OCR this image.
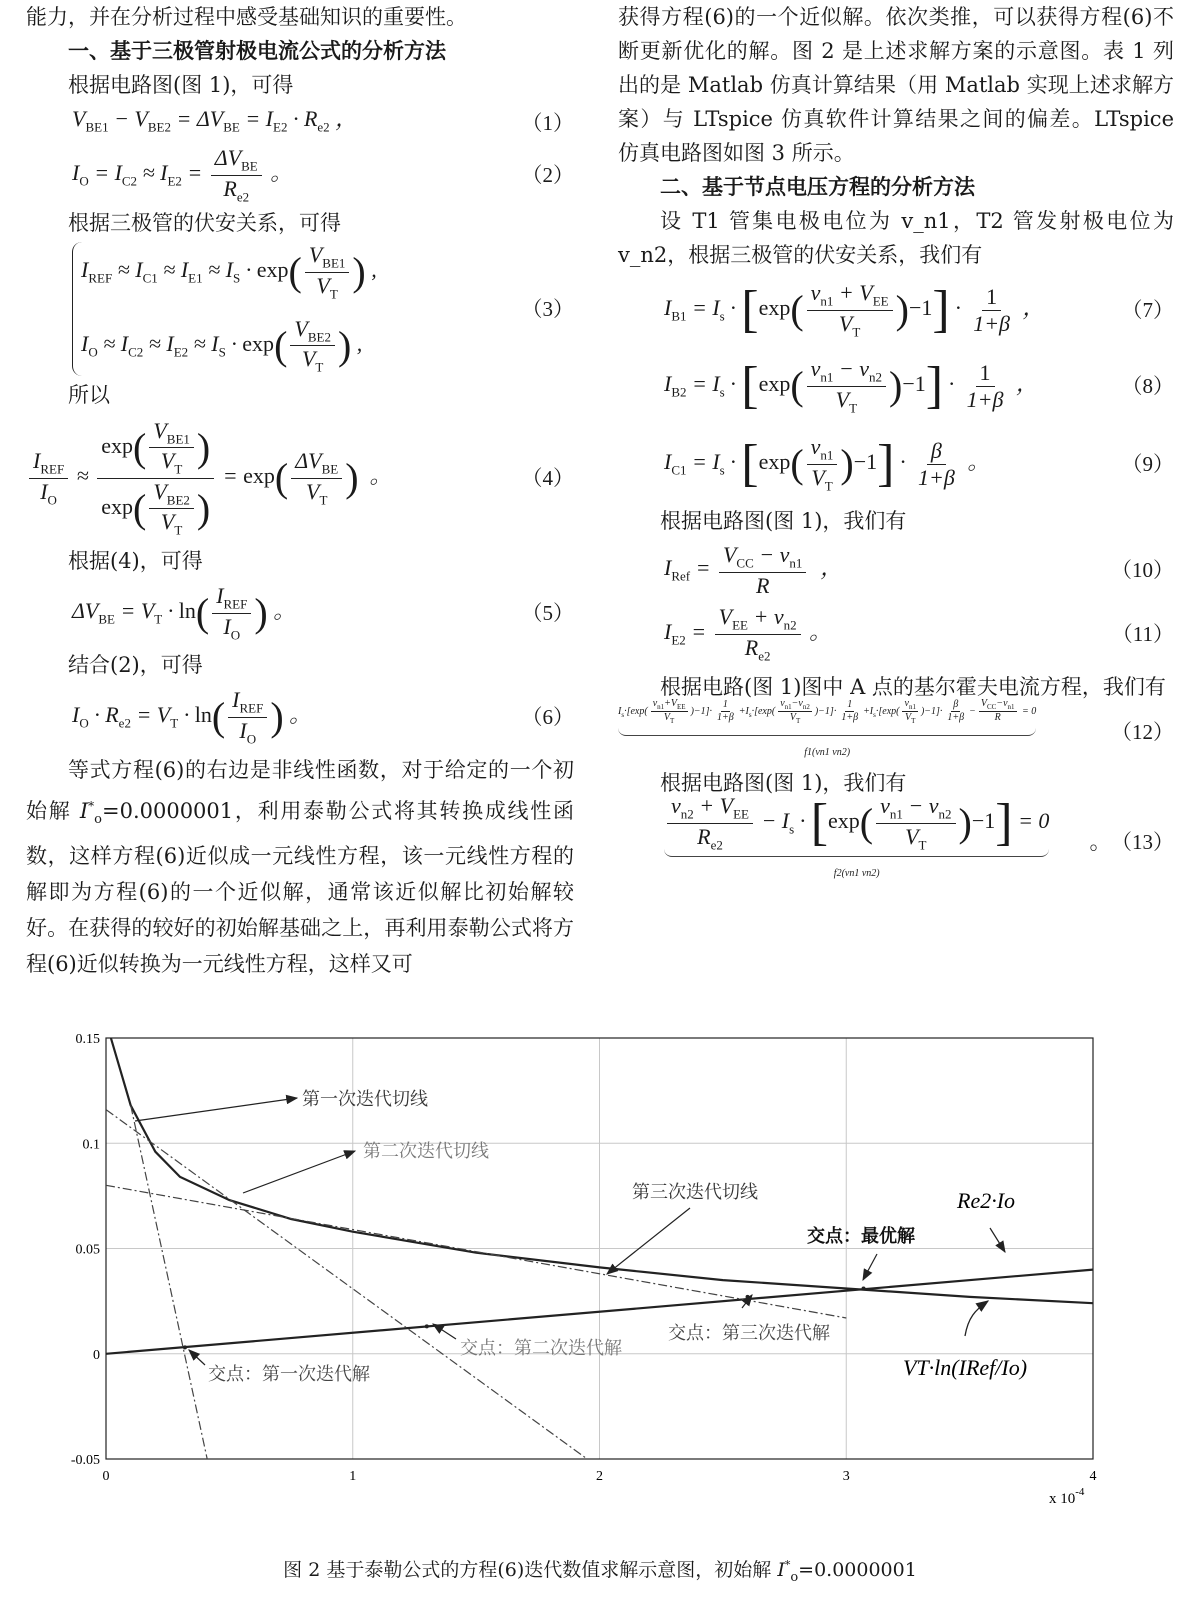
能力，并在分析过程中感受基础知识的重要性。

一、基于三极管射极电流公式的分析方法

根据电路图(图 1)，可得

$V_{BE1} - V_{BE2} = \Delta V_{BE} = I_{E2} \cdot R_{e2}$ ，	（1）
$I_O = I_{C2} \approx I_{E2} = \frac{\Delta V_{BE}}{R_{e2}}$ 。	（2）

根据三极管的伏安关系，可得

$I_{REF} \approx I_{C1} \approx I_{E1} \approx I_S \cdot \exp( \frac{V_{BE1}}{V_T}$ ) ,
$I_O \approx I_{C2} \approx I_{E2} \approx I_S \cdot \exp( \frac{V_{BE2}}{V_T}$ ) ,
（3）

所以

$\frac{I_{REF}}{I_O} \approx \frac{\exp( \frac{V_{BE1}}{V_T} )}{\exp( \frac{V_{BE2}}{V_T} )} = \exp( \frac{\Delta V_{BE}}{V_T}$ )  。	（4）

根据(4)，可得

$\Delta V_{BE} = V_T \cdot \ln( \frac{I_{REF}}{I_O}$ ) 。	（5）

结合(2)，可得

$I_O \cdot R_{e2} = V_T \cdot \ln( \frac{I_{REF}}{I_O}$ ) 。	（6）

等式方程(6)的右边是非线性函数，对于给定的一个初始解 $I^*_o=0.0000001$，利用泰勒公式将其转换成线性函数，这样方程(6)近似成一元线性方程，该一元线性方程的解即为方程(6)的一个近似解，通常该近似解比初始解较好。在获得的较好的初始解基础之上，再利用泰勒公式将方程(6)近似转换为一元线性方程，这样又可

获得方程(6)的一个近似解。依次类推，可以获得方程(6)不断更新优化的解。图 2 是上述求解方案的示意图。表 1 列出的是 Matlab 仿真计算结果（用 Matlab 实现上述求解方案）与 LTspice 仿真软件计算结果之间的偏差。LTspice 仿真电路图如图 3 所示。

二、基于节点电压方程的分析方法

设 T1 管集电极电位为 v_n1，T2 管发射极电位为 v_n2，根据三极管的伏安关系，我们有

$I_{B1} = I_s \cdot [\exp( \frac{v_{n1} + V_{EE}}{V_T} )-1] \cdot \frac{1}{1+\beta}$ ，	（7）
$I_{B2} = I_s \cdot [\exp( \frac{v_{n1} - v_{n2}}{V_T} )-1] \cdot \frac{1}{1+\beta}$ ，	（8）
$I_{C1} = I_s \cdot [\exp( \frac{v_{n1}}{V_T} )-1] \cdot \frac{\beta}{1+\beta}$ 。	（9）

根据电路图(图 1)，我们有

$I_{Ref} = \frac{V_{CC} - v_{n1}}{R}$ ，	（10）
$I_{E2} = \frac{V_{EE} + v_{n2}}{R_{e2}}$ 。	（11）

根据电路(图 1)图中 A 点的基尔霍夫电流方程，我们有

$I_s\cdot[\exp( \frac{v_{n1}+V_{EE}}{V_T} )-1]\cdot \frac{1}{1+\beta} +I_s\cdot[\exp( \frac{v_{n1}-v_{n2}}{V_T} )-1]\cdot \frac{1}{1+\beta} +I_s\cdot[\exp( \frac{v_{n1}}{V_T} )-1]\cdot \frac{\beta}{1+\beta} - \frac{V_{CC}-v_{n1}}{R} = 0$
f1(vn1 vn2)
（12）

根据电路图(图 1)，我们有

$\frac{v_{n2} + V_{EE}}{R_{e2}} - I_s \cdot [\exp( \frac{v_{n1} - v_{n2}}{V_T} )-1] = 0$
f2(vn1 vn2)
。 （13）
0	1	2	3	4
-0.05
0
0.05
0.1
0.15
第一次迭代切线
第二次迭代切线
第三次迭代切线
交点：最优解
交点：第一次迭代解
交点：第二次迭代解
交点：第三次迭代解
Re2·Io
VT·ln(IRef/Io)
x $10^{-4}$
图 2 基于泰勒公式的方程(6)迭代数值求解示意图，初始解 $I^*_o=0.0000001$
